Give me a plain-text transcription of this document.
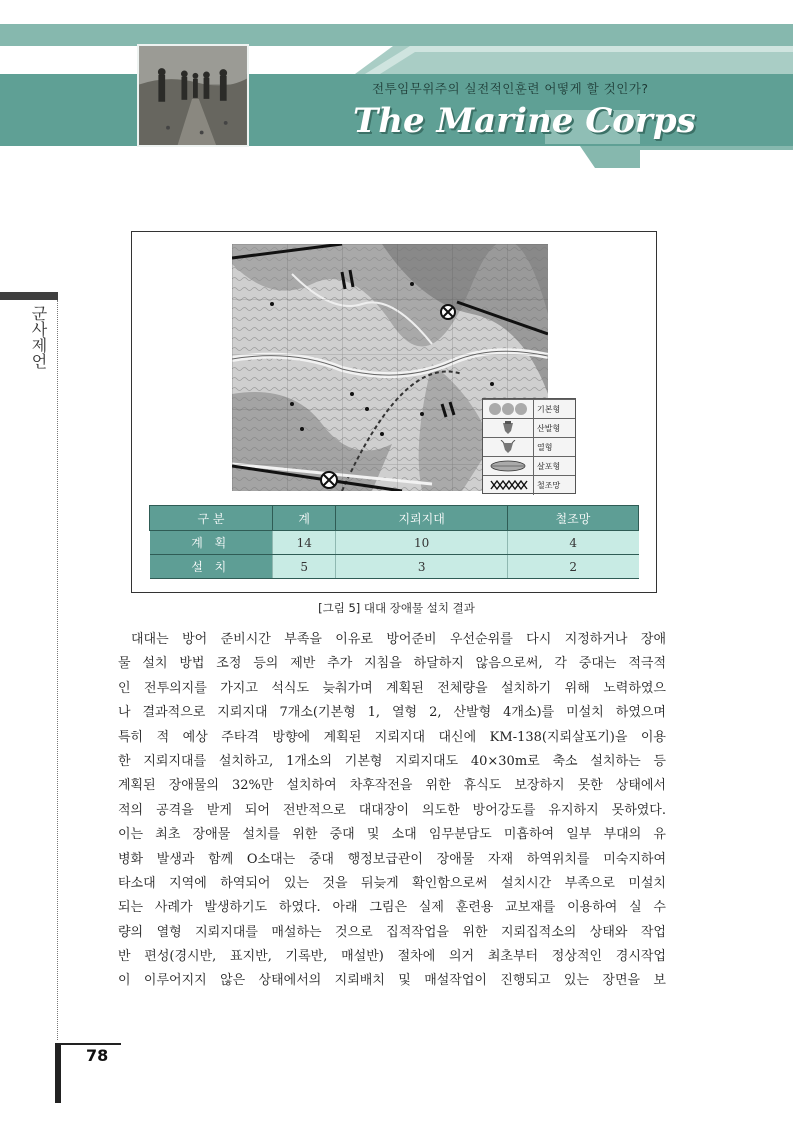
전투임무위주의 실전적인훈련 어떻게 할 것인가?
The Marine Corps
군사제언
78
기본형
산발형
열형
살포형
철조망
구 분	계	지뢰지대	철조망
계 획	14	10	4
설 치	5	3	2
[그림 5] 대대 장애물 설치 결과
대대는 방어 준비시간 부족을 이유로 방어준비 우선순위를 다시 지정하거나 장애
물 설치 방법 조정 등의 제반 추가 지침을 하달하지 않음으로써, 각 중대는 적극적
인 전투의지를 가지고 석식도 늦춰가며 계획된 전체량을 설치하기 위해 노력하였으
나 결과적으로 지뢰지대 7개소(기본형 1, 열형 2, 산발형 4개소)를 미설치 하였으며
특히 적 예상 주타격 방향에 계획된 지뢰지대 대신에 KM-138(지뢰살포기)을 이용
한 지뢰지대를 설치하고, 1개소의 기본형 지뢰지대도 40×30m로 축소 설치하는 등
계획된 장애물의 32%만 설치하여 차후작전을 위한 휴식도 보장하지 못한 상태에서
적의 공격을 받게 되어 전반적으로 대대장이 의도한 방어강도를 유지하지 못하였다.
이는 최초 장애물 설치를 위한 중대 및 소대 임무분담도 미흡하여 일부 부대의 유
병화 발생과 함께 O소대는 중대 행정보급관이 장애물 자재 하역위치를 미숙지하여
타소대 지역에 하역되어 있는 것을 뒤늦게 확인함으로써 설치시간 부족으로 미설치
되는 사례가 발생하기도 하였다. 아래 그림은 실제 훈련용 교보재를 이용하여 실 수
량의 열형 지뢰지대를 매설하는 것으로 집적작업을 위한 지뢰집적소의 상태와 작업
반 편성(경시반, 표지반, 기록반, 매설반) 절차에 의거 최초부터 정상적인 경시작업
이 이루어지지 않은 상태에서의 지뢰배치 및 매설작업이 진행되고 있는 장면을 보
